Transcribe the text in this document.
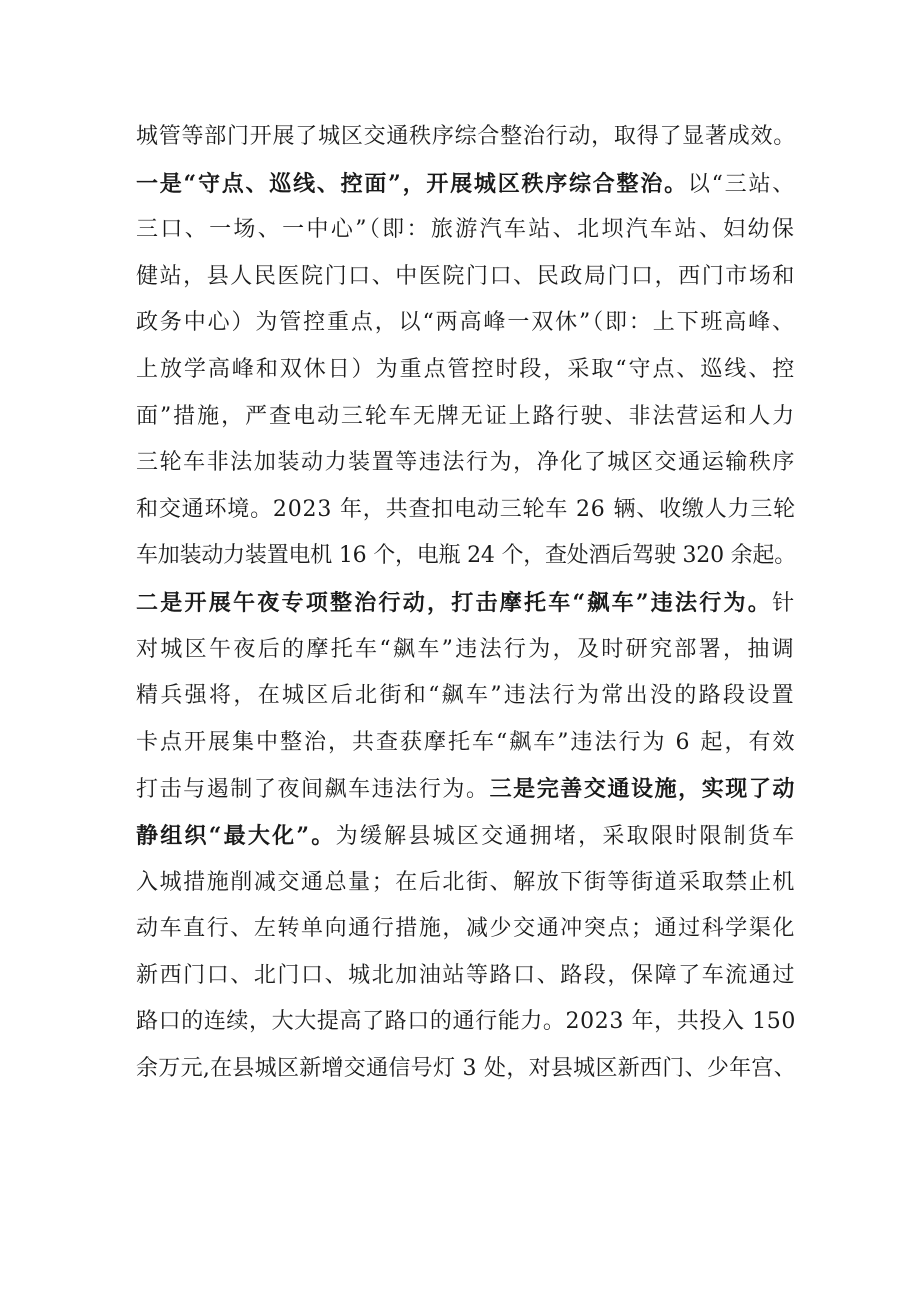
城管等部门开展了城区交通秩序综合整治行动，取得了显著成效。
一是“守点、巡线、控面”，开展城区秩序综合整治。以“三站、
三口、一场、一中心”（即：旅游汽车站、北坝汽车站、妇幼保
健站，县人民医院门口、中医院门口、民政局门口，西门市场和
政务中心）为管控重点，以“两高峰一双休”（即：上下班高峰、
上放学高峰和双休日）为重点管控时段，采取“守点、巡线、控
面”措施，严查电动三轮车无牌无证上路行驶、非法营运和人力
三轮车非法加装动力装置等违法行为，净化了城区交通运输秩序
和交通环境。2023 年，共查扣电动三轮车 26 辆、收缴人力三轮
车加装动力装置电机 16 个，电瓶 24 个，查处酒后驾驶 320 余起。
二是开展午夜专项整治行动，打击摩托车“飙车”违法行为。针
对城区午夜后的摩托车“飙车”违法行为，及时研究部署，抽调
精兵强将，在城区后北街和“飙车”违法行为常出没的路段设置
卡点开展集中整治，共查获摩托车“飙车”违法行为 6 起，有效
打击与遏制了夜间飙车违法行为。三是完善交通设施，实现了动
静组织“最大化”。为缓解县城区交通拥堵，采取限时限制货车
入城措施削减交通总量；在后北街、解放下街等街道采取禁止机
动车直行、左转单向通行措施，减少交通冲突点；通过科学渠化
新西门口、北门口、城北加油站等路口、路段，保障了车流通过
路口的连续，大大提高了路口的通行能力。2023 年，共投入 150
余万元,在县城区新增交通信号灯 3 处，对县城区新西门、少年宫、
